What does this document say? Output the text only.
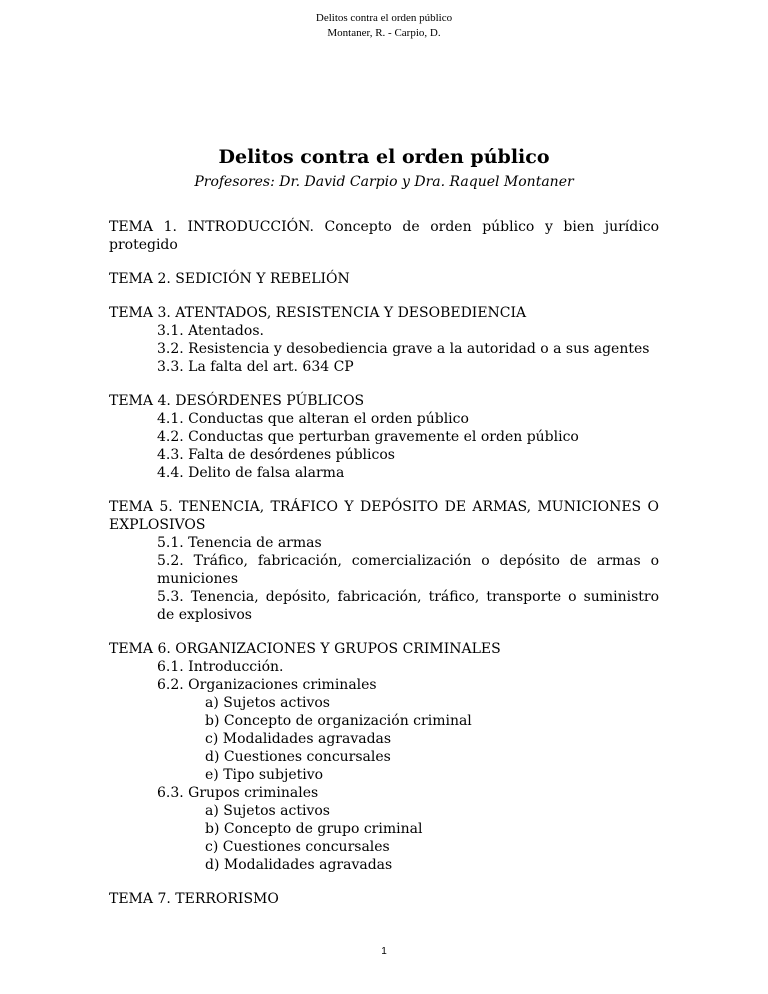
Delitos contra el orden público
Montaner, R. - Carpio, D.
Delitos contra el orden público
Profesores: Dr. David Carpio y Dra. Raquel Montaner
TEMA 1. INTRODUCCIÓN. Concepto de orden público y bien jurídico protegido
TEMA 2. SEDICIÓN Y REBELIÓN
TEMA 3. ATENTADOS, RESISTENCIA Y DESOBEDIENCIA
3.1. Atentados.
3.2. Resistencia y desobediencia grave a la autoridad o a sus agentes
3.3. La falta del art. 634 CP
TEMA 4. DESÓRDENES PÚBLICOS
4.1. Conductas que alteran el orden público
4.2. Conductas que perturban gravemente el orden público
4.3. Falta de desórdenes públicos
4.4. Delito de falsa alarma
TEMA 5. TENENCIA, TRÁFICO Y DEPÓSITO DE ARMAS, MUNICIONES O EXPLOSIVOS
5.1. Tenencia de armas
5.2. Tráfico, fabricación, comercialización o depósito de armas o municiones
5.3. Tenencia, depósito, fabricación, tráfico, transporte o suministro de explosivos
TEMA 6. ORGANIZACIONES Y GRUPOS CRIMINALES
6.1. Introducción.
6.2. Organizaciones criminales
a) Sujetos activos
b) Concepto de organización criminal
c) Modalidades agravadas
d) Cuestiones concursales
e) Tipo subjetivo
6.3. Grupos criminales
a) Sujetos activos
b) Concepto de grupo criminal
c) Cuestiones concursales
d) Modalidades agravadas
TEMA 7. TERRORISMO
1
